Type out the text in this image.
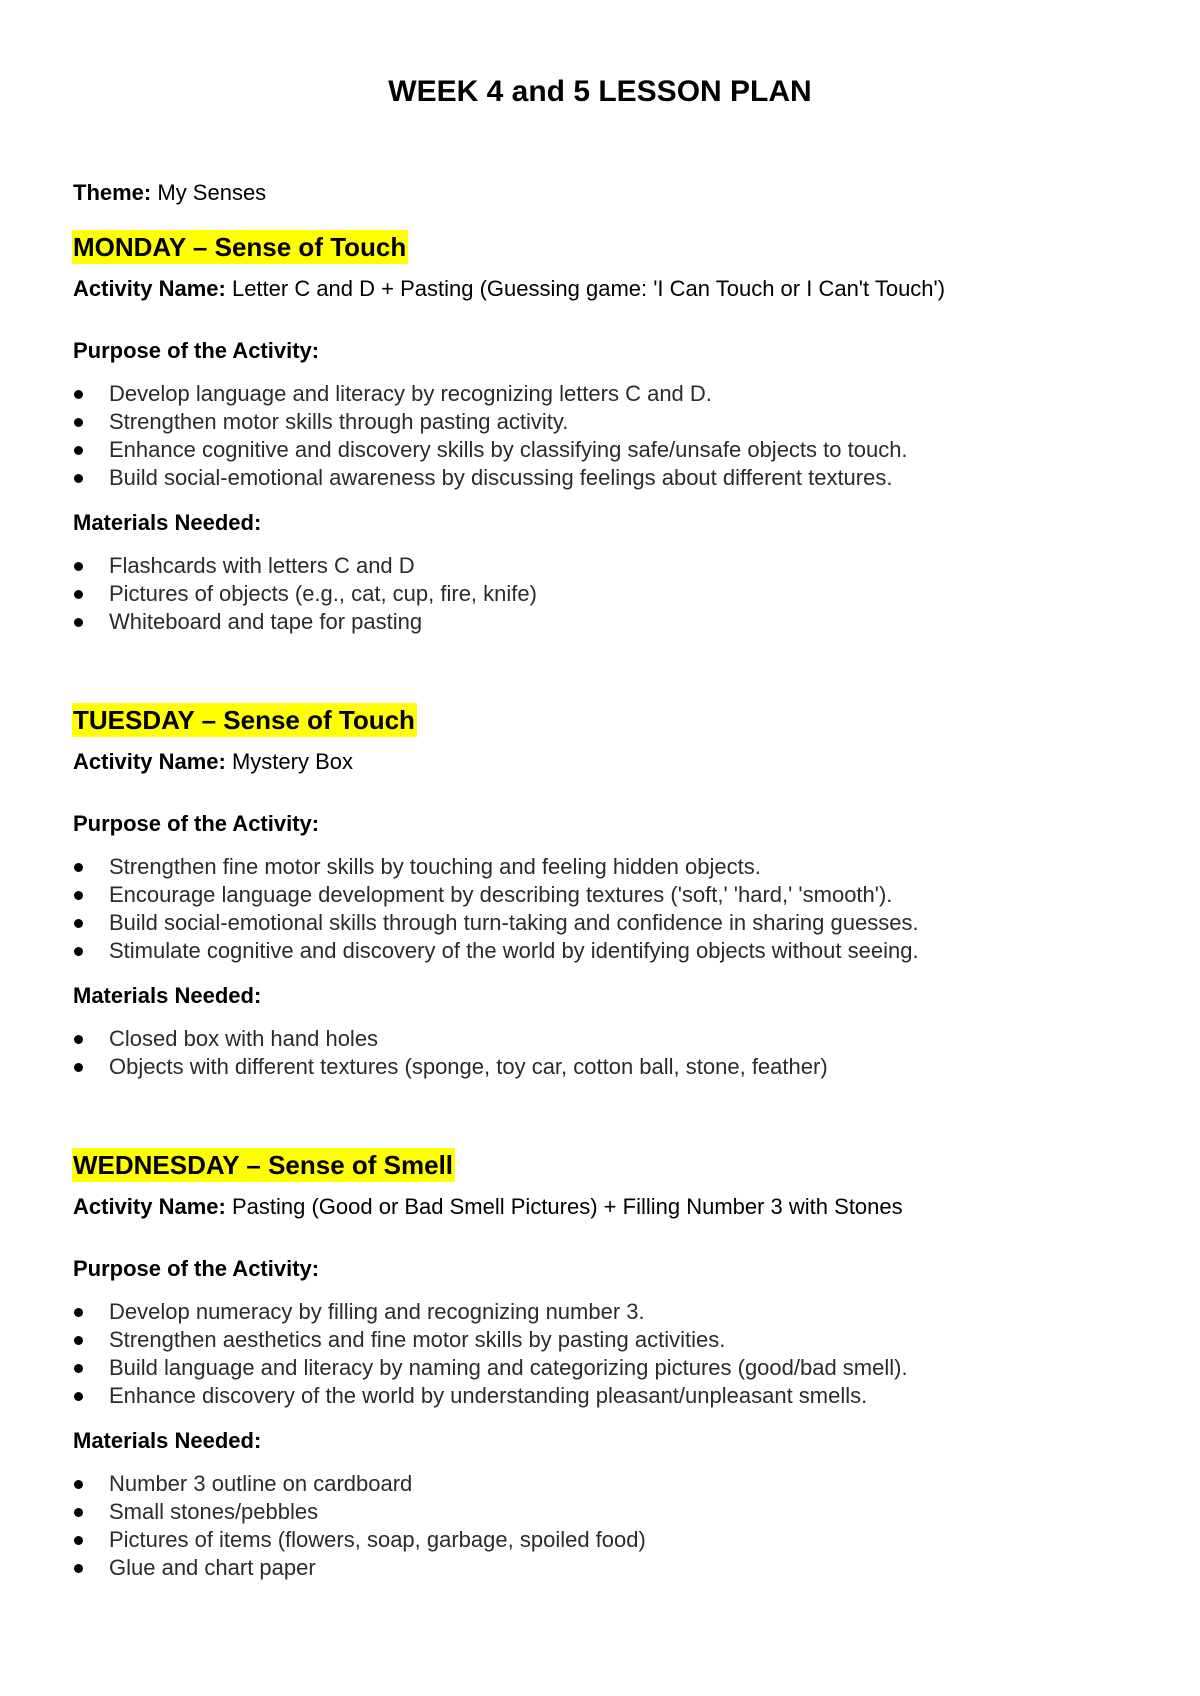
WEEK 4 and 5 LESSON PLAN
Theme: My Senses
MONDAY – Sense of Touch
Activity Name: Letter C and D + Pasting (Guessing game: 'I Can Touch or I Can't Touch')
Purpose of the Activity:
Develop language and literacy by recognizing letters C and D.
Strengthen motor skills through pasting activity.
Enhance cognitive and discovery skills by classifying safe/unsafe objects to touch.
Build social-emotional awareness by discussing feelings about different textures.
Materials Needed:
Flashcards with letters C and D
Pictures of objects (e.g., cat, cup, fire, knife)
Whiteboard and tape for pasting
TUESDAY – Sense of Touch
Activity Name: Mystery Box
Purpose of the Activity:
Strengthen fine motor skills by touching and feeling hidden objects.
Encourage language development by describing textures ('soft,' 'hard,' 'smooth').
Build social-emotional skills through turn-taking and confidence in sharing guesses.
Stimulate cognitive and discovery of the world by identifying objects without seeing.
Materials Needed:
Closed box with hand holes
Objects with different textures (sponge, toy car, cotton ball, stone, feather)
WEDNESDAY – Sense of Smell
Activity Name: Pasting (Good or Bad Smell Pictures) + Filling Number 3 with Stones
Purpose of the Activity:
Develop numeracy by filling and recognizing number 3.
Strengthen aesthetics and fine motor skills by pasting activities.
Build language and literacy by naming and categorizing pictures (good/bad smell).
Enhance discovery of the world by understanding pleasant/unpleasant smells.
Materials Needed:
Number 3 outline on cardboard
Small stones/pebbles
Pictures of items (flowers, soap, garbage, spoiled food)
Glue and chart paper
